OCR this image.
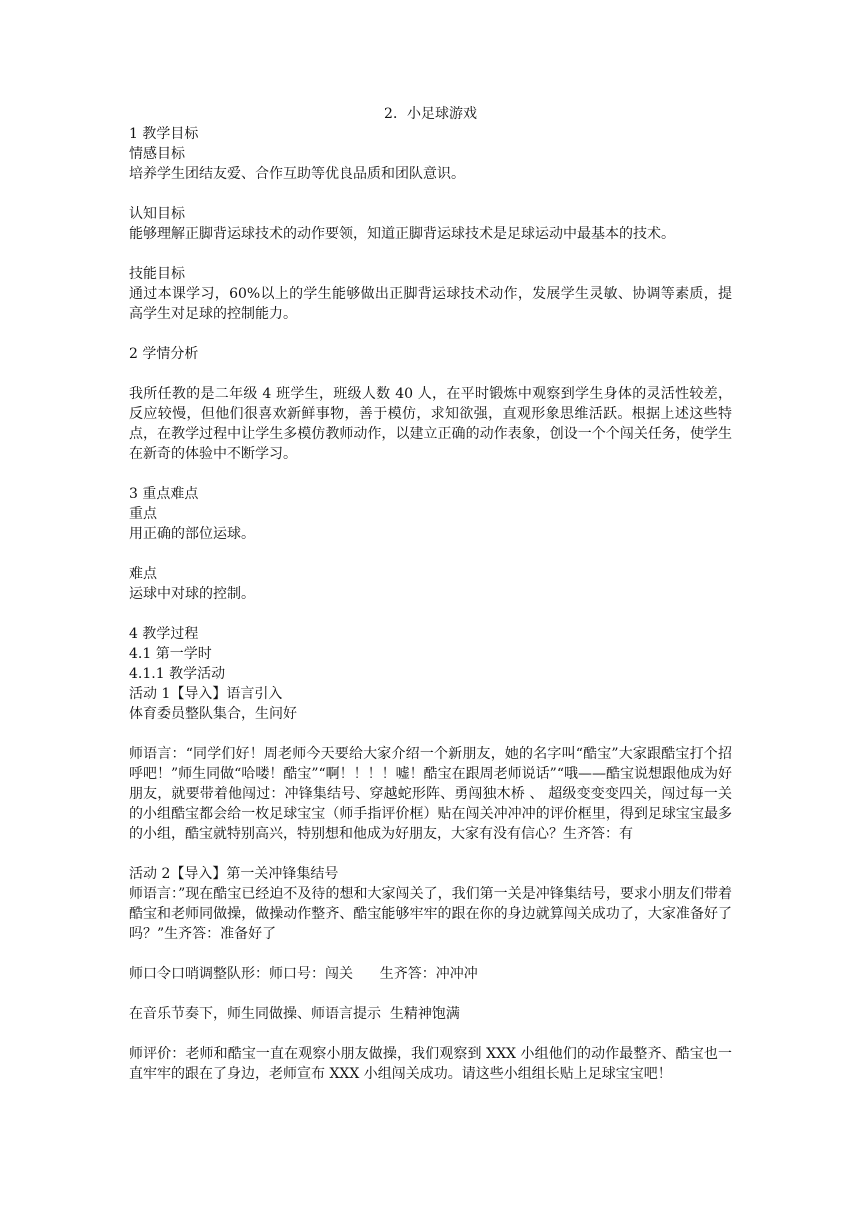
2．小足球游戏

1 教学目标

情感目标

培养学生团结友爱、合作互助等优良品质和团队意识。

认知目标

能够理解正脚背运球技术的动作要领，知道正脚背运球技术是足球运动中最基本的技术。

技能目标

通过本课学习，60%以上的学生能够做出正脚背运球技术动作，发展学生灵敏、协调等素质，提高学生对足球的控制能力。

2 学情分析

我所任教的是二年级 4 班学生，班级人数 40 人，在平时锻炼中观察到学生身体的灵活性较差，反应较慢，但他们很喜欢新鲜事物，善于模仿，求知欲强，直观形象思维活跃。根据上述这些特点，在教学过程中让学生多模仿教师动作，以建立正确的动作表象，创设一个个闯关任务，使学生在新奇的体验中不断学习。

3 重点难点

重点

用正确的部位运球。

难点

运球中对球的控制。

4 教学过程

4.1 第一学时

4.1.1 教学活动

活动 1【导入】语言引入

体育委员整队集合，生问好

师语言：“同学们好！周老师今天要给大家介绍一个新朋友，她的名字叫“酷宝”大家跟酷宝打个招呼吧！”师生同做“哈喽！酷宝”“啊！！！！嘘！酷宝在跟周老师说话”“哦——酷宝说想跟他成为好朋友，就要带着他闯过：冲锋集结号、穿越蛇形阵、勇闯独木桥 、 超级变变变四关，闯过每一关的小组酷宝都会给一枚足球宝宝（师手指评价框）贴在闯关冲冲冲的评价框里，得到足球宝宝最多的小组，酷宝就特别高兴，特别想和他成为好朋友，大家有没有信心？生齐答：有

活动 2【导入】第一关冲锋集结号

师语言：”现在酷宝已经迫不及待的想和大家闯关了，我们第一关是冲锋集结号，要求小朋友们带着酷宝和老师同做操，做操动作整齐、酷宝能够牢牢的跟在你的身边就算闯关成功了，大家准备好了吗？”生齐答：准备好了

师口令口哨调整队形：师口号：闯关      生齐答：冲冲冲

在音乐节奏下，师生同做操、师语言提示  生精神饱满

师评价：老师和酷宝一直在观察小朋友做操，我们观察到 XXX 小组他们的动作最整齐、酷宝也一直牢牢的跟在了身边，老师宣布 XXX 小组闯关成功。请这些小组组长贴上足球宝宝吧！
